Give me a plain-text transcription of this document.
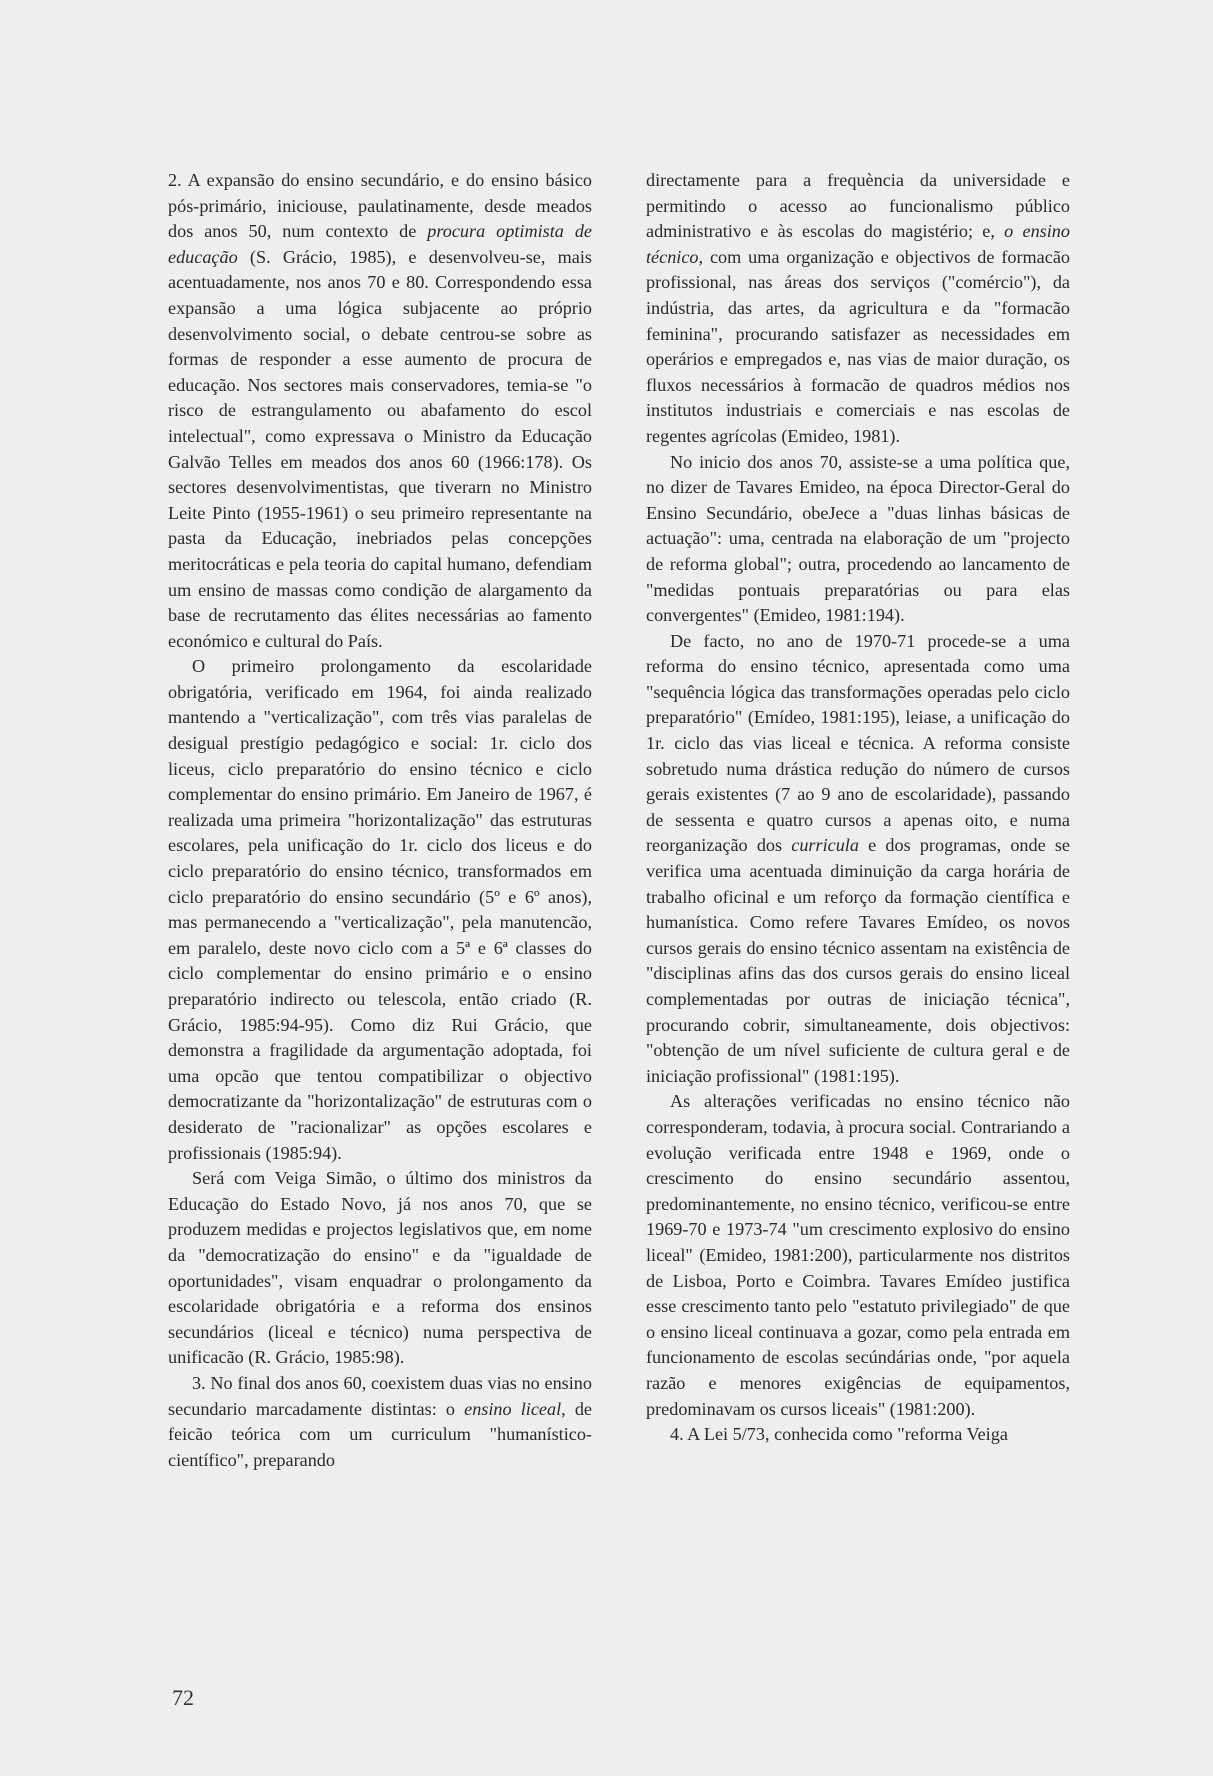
2. A expansão do ensino secundário, e do ensino básico pós-primário, iniciouse, paulatinamente, desde meados dos anos 50, num contexto de procura optimista de educação (S. Grácio, 1985), e desenvolveu-se, mais acentuadamente, nos anos 70 e 80. Correspondendo essa expansão a uma lógica subjacente ao próprio desenvolvimento social, o debate centrou-se sobre as formas de responder a esse aumento de procura de educação. Nos sectores mais conservadores, temia-se "o risco de estrangulamento ou abafamento do escol intelectual", como expressava o Ministro da Educação Galvão Telles em meados dos anos 60 (1966:178). Os sectores desenvolvimentistas, que tiverarn no Ministro Leite Pinto (1955-1961) o seu primeiro representante na pasta da Educação, inebriados pelas concepções meritocráticas e pela teoria do capital humano, defendiam um ensino de massas como condição de alargamento da base de recrutamento das élites necessárias ao famento económico e cultural do País.

O primeiro prolongamento da escolaridade obrigatória, verificado em 1964, foi ainda realizado mantendo a "verticalização", com três vias paralelas de desigual prestígio pedagógico e social: 1r. ciclo dos liceus, ciclo preparatório do ensino técnico e ciclo complementar do ensino primário. Em Janeiro de 1967, é realizada uma primeira "horizontalização" das estruturas escolares, pela unificação do 1r. ciclo dos liceus e do ciclo preparatório do ensino técnico, transformados em ciclo preparatório do ensino secundário (5º e 6º anos), mas permanecendo a "verticalização", pela manutencão, em paralelo, deste novo ciclo com a 5ª e 6ª classes do ciclo complementar do ensino primário e o ensino preparatório indirecto ou telescola, então criado (R. Grácio, 1985:94-95). Como diz Rui Grácio, que demonstra a fragilidade da argumentação adoptada, foi uma opcão que tentou compatibilizar o objectivo democratizante da "horizontalização" de estruturas com o desiderato de "racionalizar" as opções escolares e profissionais (1985:94).

Será com Veiga Simão, o último dos ministros da Educação do Estado Novo, já nos anos 70, que se produzem medidas e projectos legislativos que, em nome da "democratização do ensino" e da "igualdade de oportunidades", visam enquadrar o prolongamento da escolaridade obrigatória e a reforma dos ensinos secundários (liceal e técnico) numa perspectiva de unificacão (R. Grácio, 1985:98).

3. No final dos anos 60, coexistem duas vias no ensino secundario marcadamente distintas: o ensino liceal, de feicão teórica com um curriculum "humanístico-científico", preparando

directamente para a frequència da universidade e permitindo o acesso ao funcionalismo público administrativo e às escolas do magistério; e, o ensino técnico, com uma organização e objectivos de formacão profissional, nas áreas dos serviços ("comércio"), da indústria, das artes, da agricultura e da "formacão feminina", procurando satisfazer as necessidades em operários e empregados e, nas vias de maior duração, os fluxos necessários à formacão de quadros médios nos institutos industriais e comerciais e nas escolas de regentes agrícolas (Emideo, 1981).

No inicio dos anos 70, assiste-se a uma política que, no dizer de Tavares Emideo, na época Director-Geral do Ensino Secundário, obeJece a "duas linhas básicas de actuação": uma, centrada na elaboração de um "projecto de reforma global"; outra, procedendo ao lancamento de "medidas pontuais preparatórias ou para elas convergentes" (Emideo, 1981:194).

De facto, no ano de 1970-71 procede-se a uma reforma do ensino técnico, apresentada como uma "sequência lógica das transformações operadas pelo ciclo preparatório" (Emídeo, 1981:195), leiase, a unificação do 1r. ciclo das vias liceal e técnica. A reforma consiste sobretudo numa drástica redução do número de cursos gerais existentes (7 ao 9 ano de escolaridade), passando de sessenta e quatro cursos a apenas oito, e numa reorganização dos curricula e dos programas, onde se verifica uma acentuada diminuição da carga horária de trabalho oficinal e um reforço da formação científica e humanística. Como refere Tavares Emídeo, os novos cursos gerais do ensino técnico assentam na existência de "disciplinas afins das dos cursos gerais do ensino liceal complementadas por outras de iniciação técnica", procurando cobrir, simultaneamente, dois objectivos: "obtenção de um nível suficiente de cultura geral e de iniciação profissional" (1981:195).

As alterações verificadas no ensino técnico não corresponderam, todavia, à procura social. Contrariando a evolução verificada entre 1948 e 1969, onde o crescimento do ensino secundário assentou, predominantemente, no ensino técnico, verificou-se entre 1969-70 e 1973-74 "um crescimento explosivo do ensino liceal" (Emideo, 1981:200), particularmente nos distritos de Lisboa, Porto e Coimbra. Tavares Emídeo justifica esse crescimento tanto pelo "estatuto privilegiado" de que o ensino liceal continuava a gozar, como pela entrada em funcionamento de escolas secúndárias onde, "por aquela razão e menores exigências de equipamentos, predominavam os cursos liceais" (1981:200).

4. A Lei 5/73, conhecida como "reforma Veiga

72
